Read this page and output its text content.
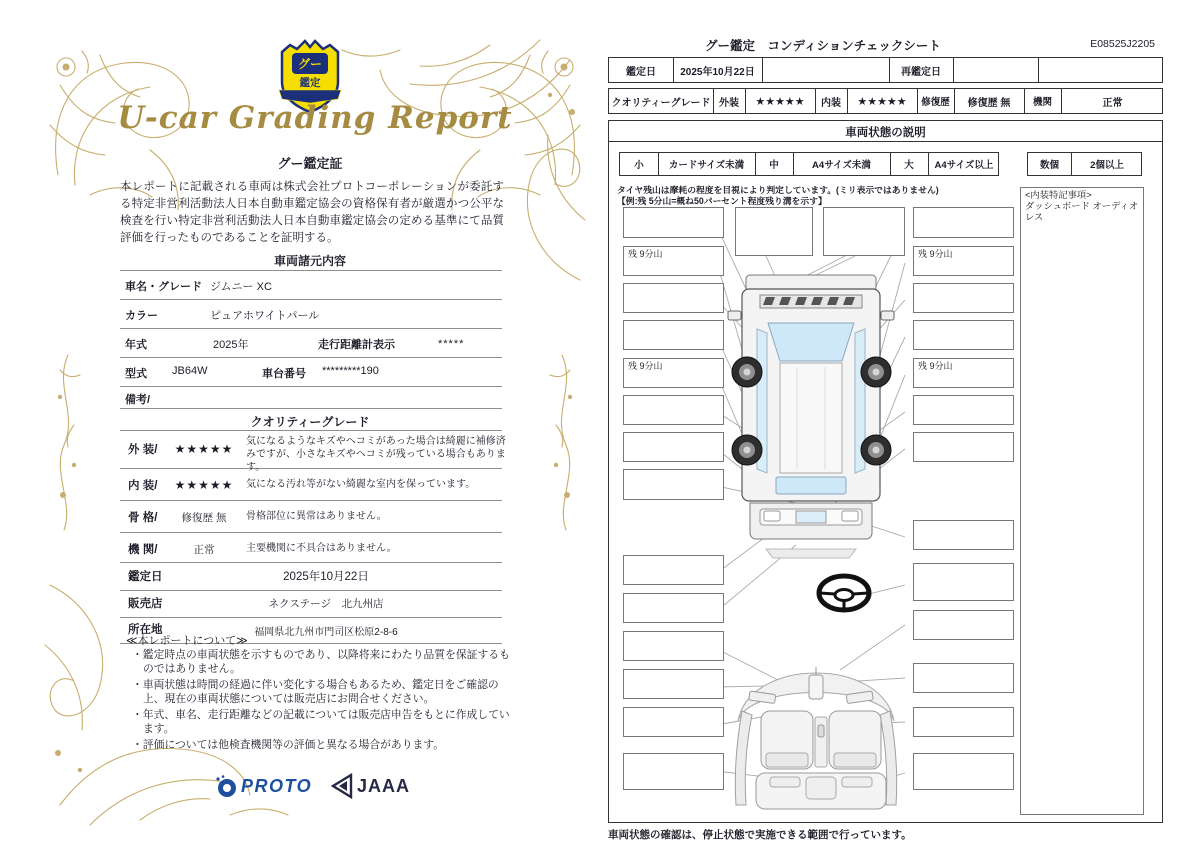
グー
鑑定
U-car Grading Report
グー鑑定証
本レポートに記載される車両は株式会社プロトコーポレーションが委託する特定非営利活動法人日本自動車鑑定協会の資格保有者が厳選かつ公平な検査を行い特定非営利活動法人日本自動車鑑定協会の定める基準にて品質評価を行ったものであることを証明する。
車両諸元内容
車名・グレード ジムニー XC
カラー	ピュアホワイトパール
年式	2025年	走行距離計表示	*****
型式 JB64W	車台番号 *********190
備考/
クオリティーグレード
外 装/	★★★★★
気になるようなキズやヘコミがあった場合は綺麗に補修済みですが、小さなキズやヘコミが残っている場合もあります。
内 装/	★★★★★	気になる汚れ等がない綺麗な室内を保っています。
骨 格/	修復歴 無	骨格部位に異常はありません。
機 関/	正常	主要機関に不具合はありません。
鑑定日	2025年10月22日
販売店	ネクステージ　北九州店
所在地	福岡県北九州市門司区松原2-8-6
≪本レポートについて≫
・鑑定時点の車両状態を示すものであり、以降将来にわたり品質を保証するものではありません。
・車両状態は時間の経過に伴い変化する場合もあるため、鑑定日をご確認の上、現在の車両状態については販売店にお問合せください。
・年式、車名、走行距離などの記載については販売店申告をもとに作成しています。
・評価については他検査機関等の評価と異なる場合があります。
PROTO JAAA
グー鑑定　コンディションチェックシート	E08525J2205
鑑定日	2025年10月22日	再鑑定日
クオリティーグレード 外装	★★★★★	内装	★★★★★	修復歴	修復歴 無	機関	正常
車両状態の説明
小	カードサイズ未満	中	A4サイズ未満	大	A4サイズ以上	数個	2個以上
タイヤ残山は摩耗の程度を目視により判定しています。(ミリ表示ではありません)
【例:残 5分山=概ね50パーセント程度残り溝を示す】
<内装特記事項>
ダッシュボード オーディオレス
残 9分山
残 9分山
残 9分山
残 9分山
車両状態の確認は、停止状態で実施できる範囲で行っています。
